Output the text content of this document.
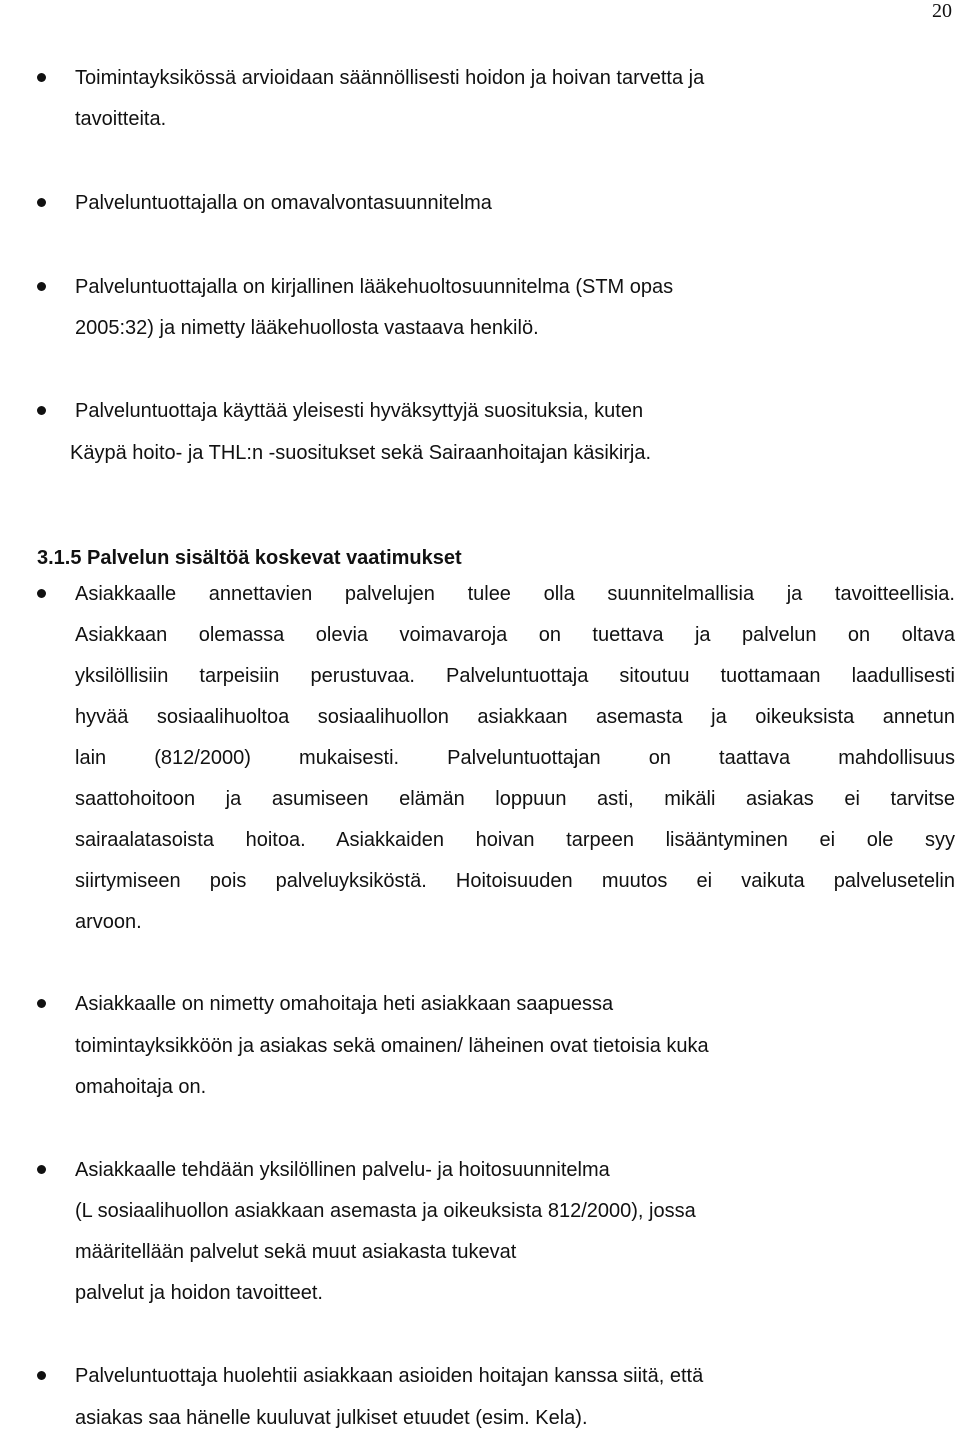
20
Toimintayksikössä arvioidaan säännöllisesti hoidon ja hoivan tarvetta ja
tavoitteita.
Palveluntuottajalla on omavalvontasuunnitelma
Palveluntuottajalla on kirjallinen lääkehuoltosuunnitelma (STM opas
2005:32) ja nimetty lääkehuollosta vastaava henkilö.
Palveluntuottaja käyttää yleisesti hyväksyttyjä suosituksia, kuten
Käypä hoito- ja THL:n -suositukset sekä Sairaanhoitajan käsikirja.
3.1.5 Palvelun sisältöä koskevat vaatimukset
Asiakkaalle annettavien palvelujen tulee olla suunnitelmallisia ja tavoitteellisia.
Asiakkaan olemassa olevia voimavaroja on tuettava ja palvelun on oltava
yksilöllisiin tarpeisiin perustuvaa. Palveluntuottaja sitoutuu tuottamaan laadullisesti
hyvää sosiaalihuoltoa sosiaalihuollon asiakkaan asemasta ja oikeuksista annetun
lain (812/2000) mukaisesti. Palveluntuottajan on taattava mahdollisuus
saattohoitoon ja asumiseen elämän loppuun asti, mikäli asiakas ei tarvitse
sairaalatasoista hoitoa. Asiakkaiden hoivan tarpeen lisääntyminen ei ole syy
siirtymiseen pois palveluyksiköstä. Hoitoisuuden muutos ei vaikuta palvelusetelin
arvoon.
Asiakkaalle on nimetty omahoitaja heti asiakkaan saapuessa
toimintayksikköön ja asiakas sekä omainen/ läheinen ovat tietoisia kuka
omahoitaja on.
Asiakkaalle tehdään yksilöllinen palvelu- ja hoitosuunnitelma
(L sosiaalihuollon asiakkaan asemasta ja oikeuksista 812/2000), jossa
määritellään palvelut sekä muut asiakasta tukevat
palvelut ja hoidon tavoitteet.
Palveluntuottaja huolehtii asiakkaan asioiden hoitajan kanssa siitä, että
asiakas saa hänelle kuuluvat julkiset etuudet (esim. Kela).
